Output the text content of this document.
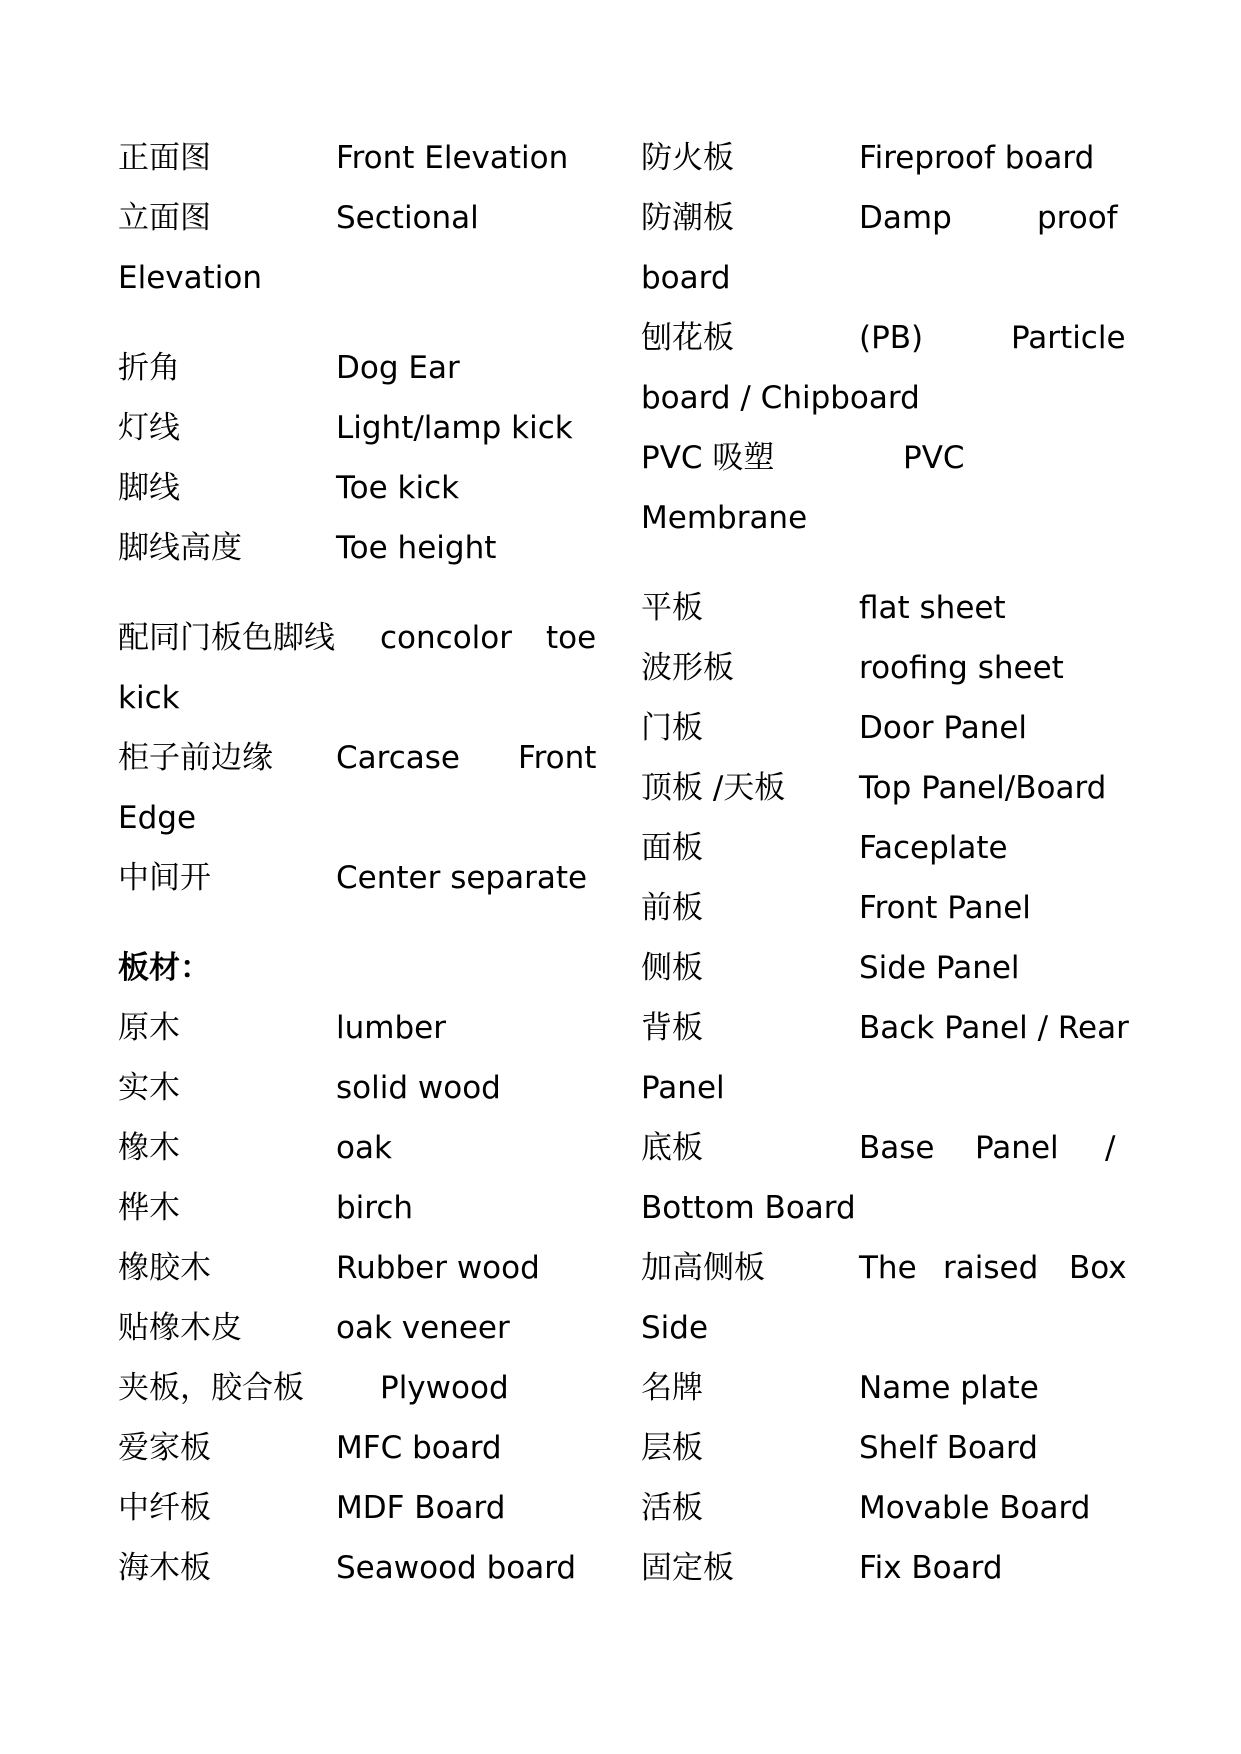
正面图	Front Elevation
立面图	Sectional
Elevation
折角	Dog Ear
灯线	Light/lamp kick
脚线	Toe kick
脚线高度	Toe height
配同门板色脚线 concolor toe
kick
柜子前边缘 Carcase Front
Edge
中间开	Center separate
板材：
原木	lumber
实木	solid wood
橡木	oak
桦木	birch
橡胶木	Rubber wood
贴橡木皮	oak veneer
夹板，胶合板 Plywood
爱家板	MFC board
中纤板	MDF Board
海木板	Seawood board
防火板	Fireproof board
防潮板	Damp	proof
board
刨花板	(PB)	Particle
board / Chipboard
PVC 吸塑	PVC
Membrane
平板	flat sheet
波形板	roofing sheet
门板	Door Panel
顶板 /天板 Top Panel/Board
面板	Faceplate
前板	Front Panel
侧板	Side Panel
背板	Back Panel / Rear
Panel
底板	Base Panel /
Bottom Board
加高侧板	The raised Box
Side
名牌	Name plate
层板	Shelf Board
活板	Movable Board
固定板	Fix Board
